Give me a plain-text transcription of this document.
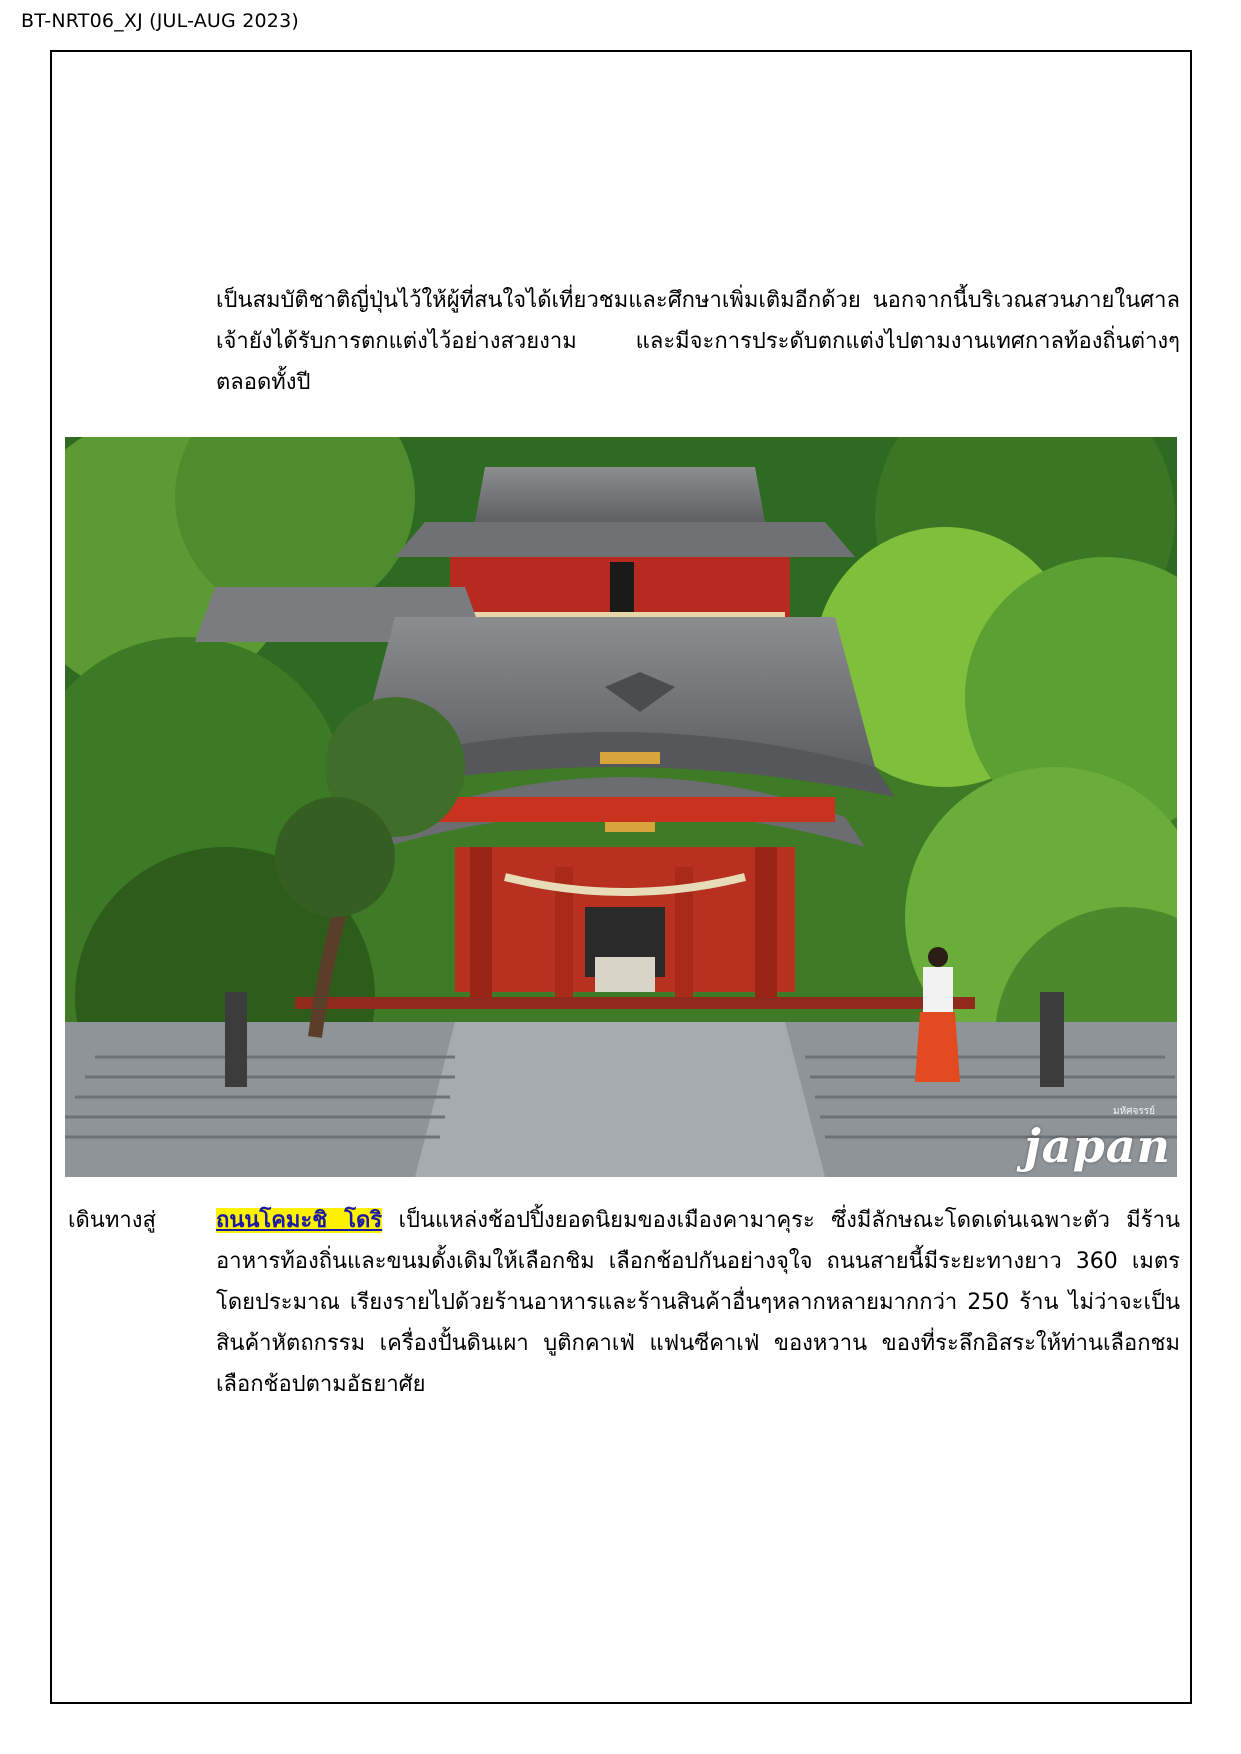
BT-NRT06_XJ (JUL-AUG 2023)
เป็นสมบัติชาติญี่ปุ่นไว้ให้ผู้ที่สนใจได้เที่ยวชมและศึกษาเพิ่มเติมอีกด้วย นอกจากนี้บริเวณสวนภายในศาลเจ้ายังได้รับการตกแต่งไว้อย่างสวยงาม และมีจะการประดับตกแต่งไปตามงานเทศกาลท้องถิ่นต่างๆ ตลอดทั้งปี
มหัศจรรย์
japan
เดินทางสู่	ถนนโคมะชิ โดริ เป็นแหล่งช้อปปิ้งยอดนิยมของเมืองคามาคุระ ซึ่งมีลักษณะโดดเด่นเฉพาะตัว มีร้านอาหารท้องถิ่นและขนมดั้งเดิมให้เลือกชิม เลือกช้อปกันอย่างจุใจ ถนนสายนี้มีระยะทางยาว 360 เมตรโดยประมาณ เรียงรายไปด้วยร้านอาหารและร้านสินค้าอื่นๆหลากหลายมากกว่า 250 ร้าน ไม่ว่าจะเป็นสินค้าหัตถกรรม เครื่องปั้นดินเผา บูติกคาเฟ่ แฟนซีคาเฟ่ ของหวาน ของที่ระลึกอิสระให้ท่านเลือกชม เลือกช้อปตามอัธยาศัย
